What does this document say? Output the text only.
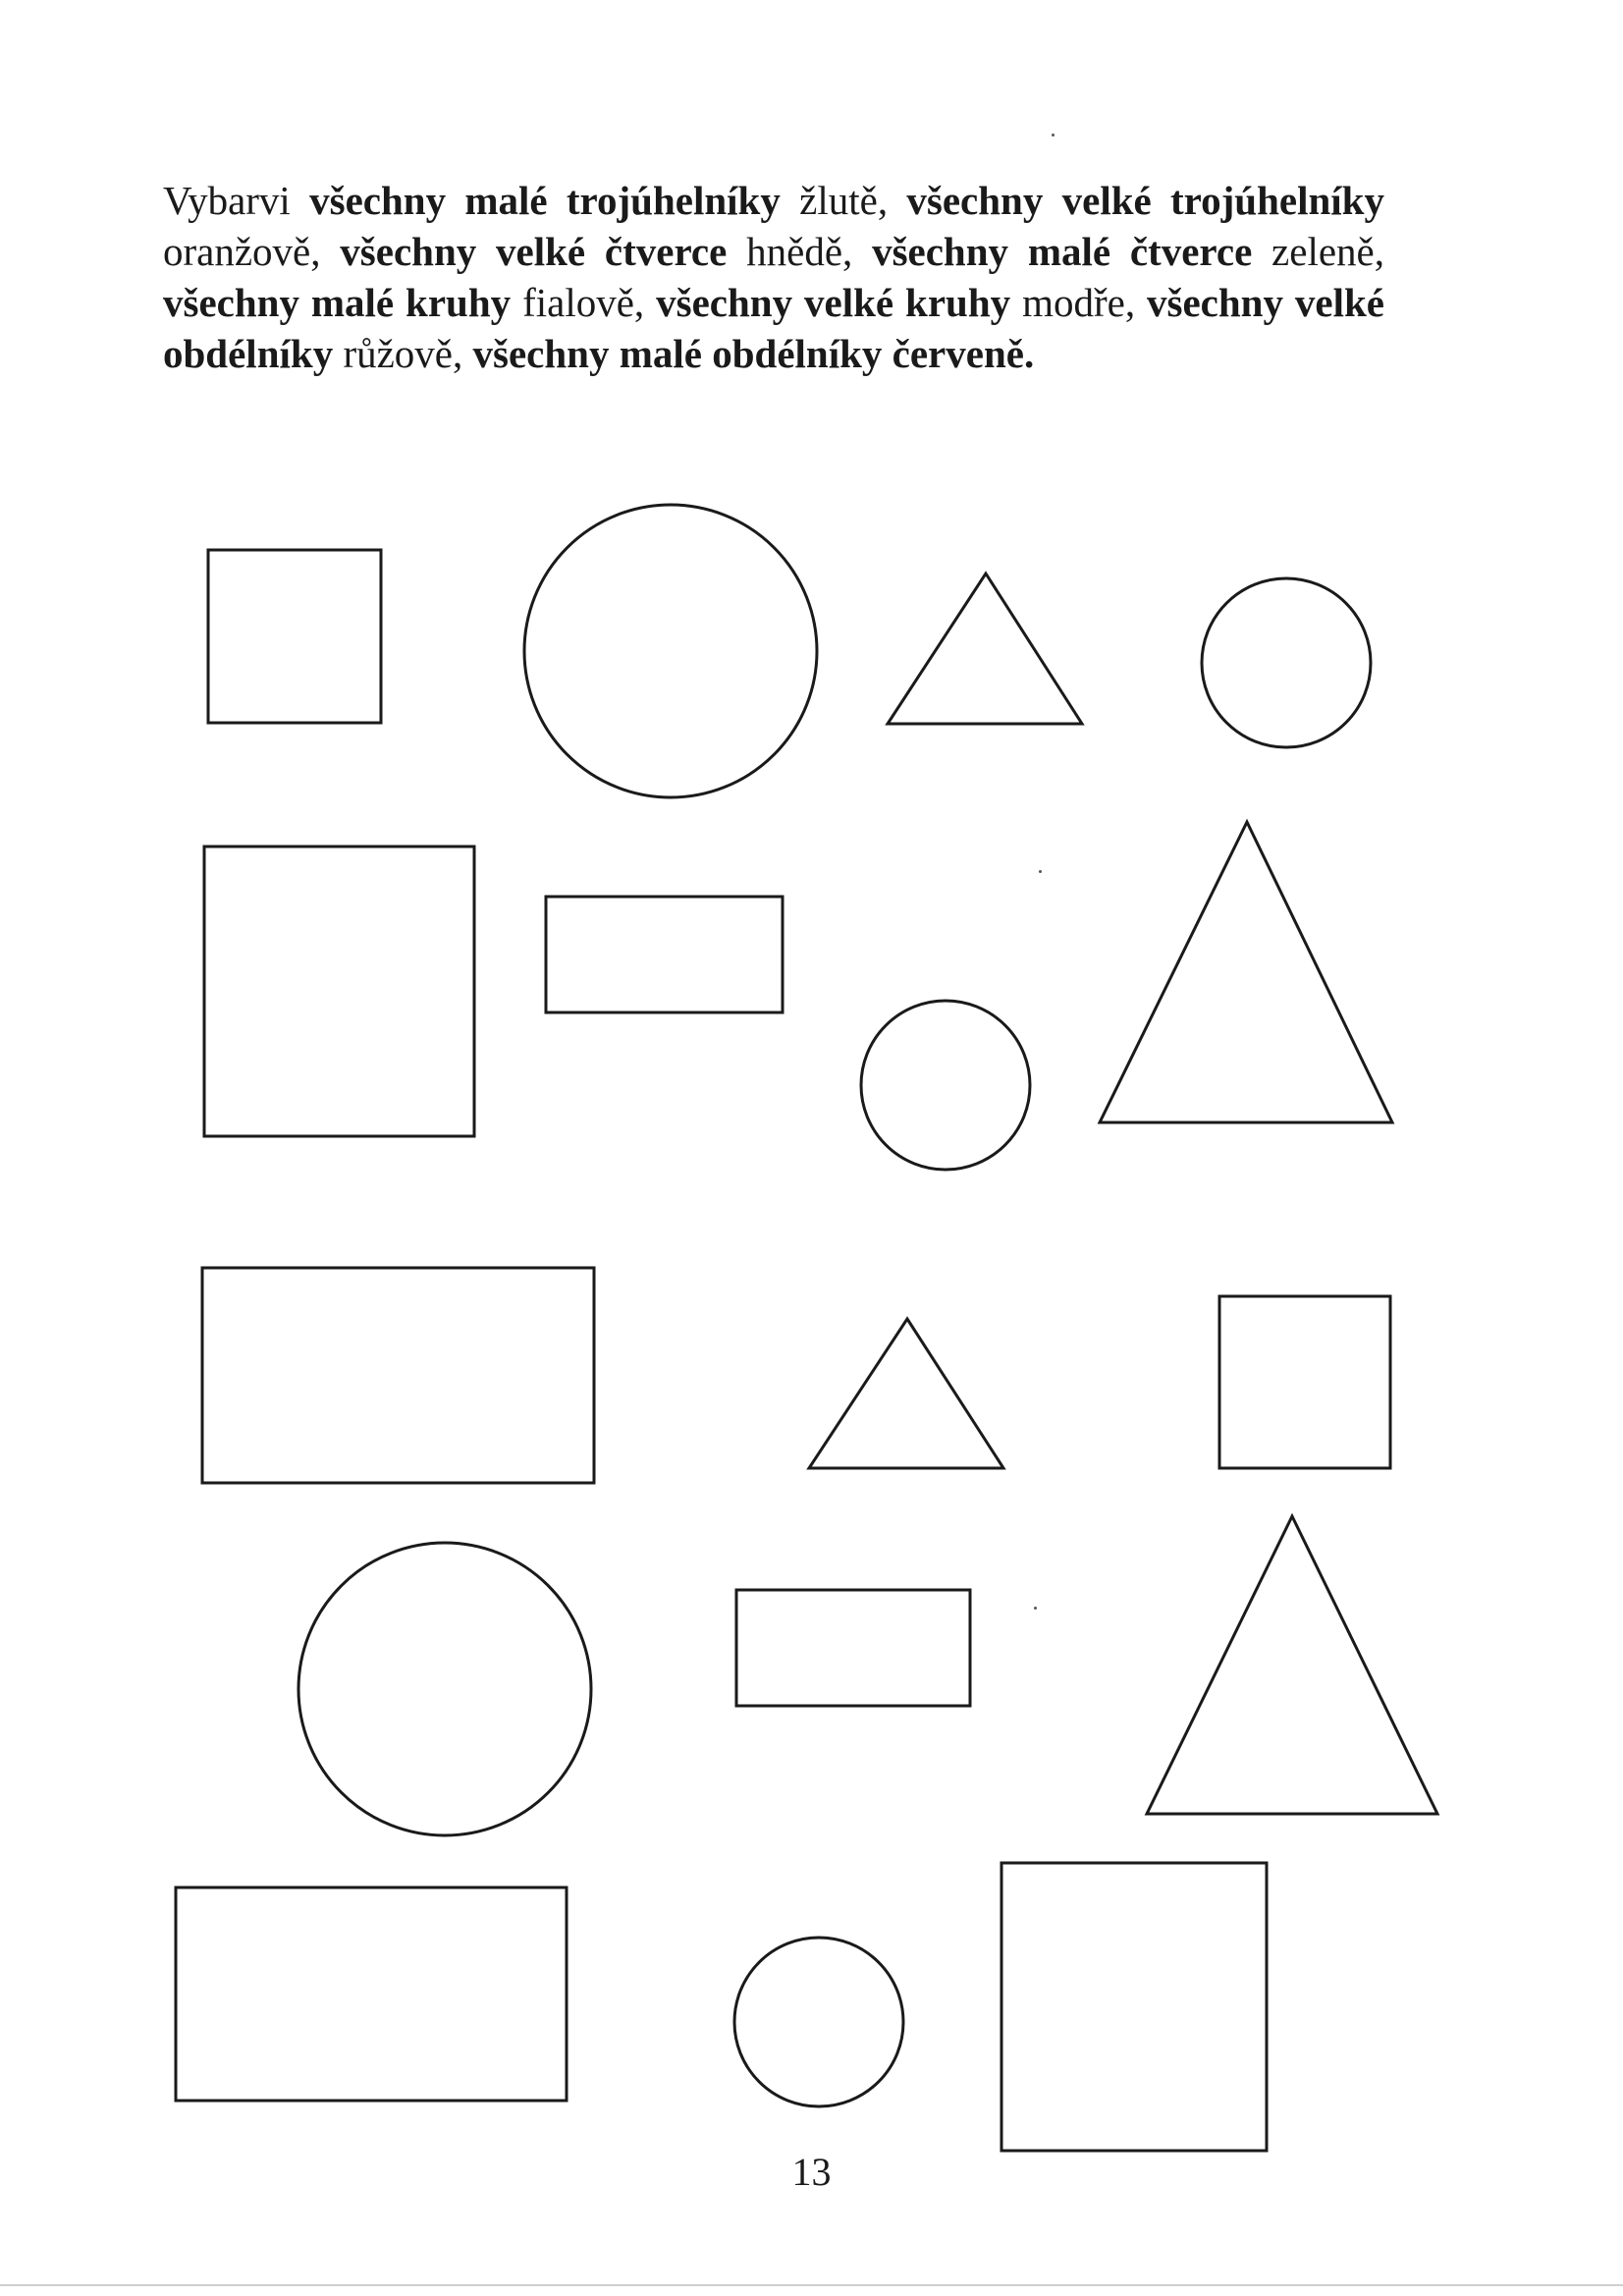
Vybarvi všechny malé trojúhelníky žlutě, všechny velké trojúhelníky oranžově, všechny velké čtverce hnědě, všechny malé čtverce zeleně, všechny malé kruhy fialově, všechny velké kruhy modře, všechny velké obdélníky růžově, všechny malé obdélníky červeně.

13
